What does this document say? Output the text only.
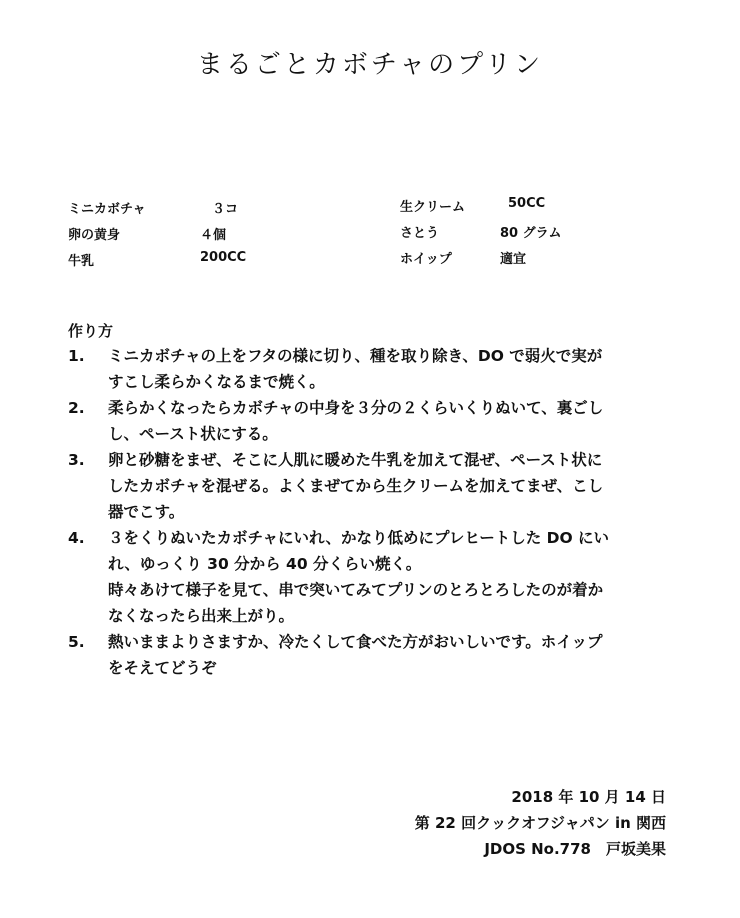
まるごとカボチャのプリン
ミニカボチャ	３コ
卵の黄身	４個
牛乳	200CC
生クリーム	50CC
さとう	80 グラム
ホイップ	適宜
作り方
1.	ミニカボチャの上をフタの様に切り、種を取り除き、DO で弱火で実が
すこし柔らかくなるまで焼く。
2.	柔らかくなったらカボチャの中身を３分の２くらいくりぬいて、裏ごし
し、ペースト状にする。
3.	卵と砂糖をまぜ、そこに人肌に暖めた牛乳を加えて混ぜ、ペースト状に
したカボチャを混ぜる。よくまぜてから生クリームを加えてまぜ、こし
器でこす。
4.	３をくりぬいたカボチャにいれ、かなり低めにプレヒートした DO にい
れ、ゆっくり 30 分から 40 分くらい焼く。
時々あけて様子を見て、串で突いてみてプリンのとろとろしたのが着か
なくなったら出来上がり。
5.	熱いままよりさますか、冷たくして食べた方がおいしいです。ホイップ
をそえてどうぞ
2018 年 10 月 14 日
第 22 回クックオフジャパン in 関西
JDOS No.778　戸坂美果
